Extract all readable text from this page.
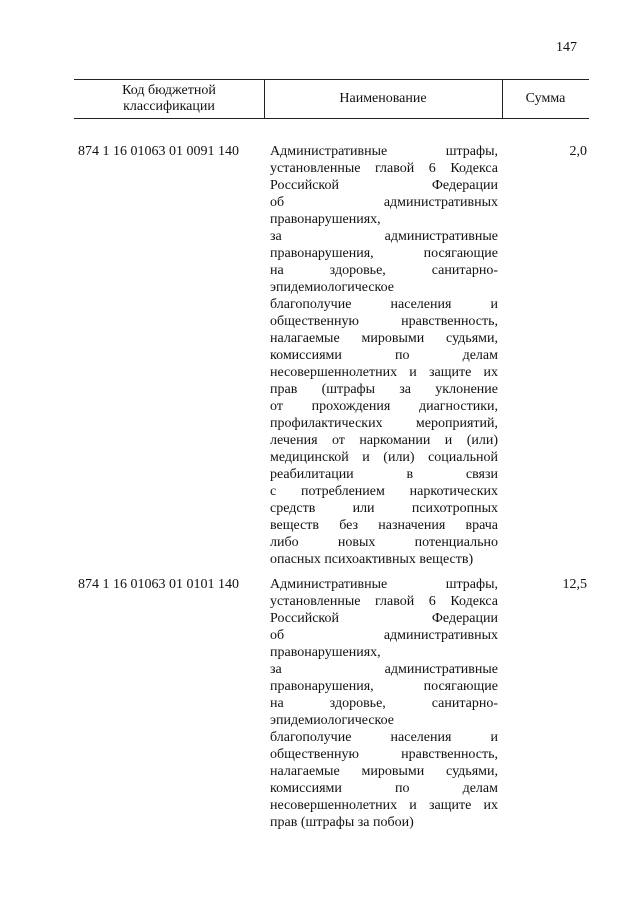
147
Код бюджетной
классификации
Наименование	Сумма
874 1 16 01063 01 0091 140 Административные штрафы,
установленные главой 6 Кодекса
Российской Федерации
об административных
правонарушениях,
за административные
правонарушения, посягающие
на здоровье, санитарно-
эпидемиологическое
благополучие населения и
общественную нравственность,
налагаемые мировыми судьями,
комиссиями по делам
несовершеннолетних и защите их
прав (штрафы за уклонение
от прохождения диагностики,
профилактических мероприятий,
лечения от наркомании и (или)
медицинской и (или) социальной
реабилитации в связи
с потреблением наркотических
средств или психотропных
веществ без назначения врача
либо новых потенциально
опасных психоактивных веществ)
2,0
874 1 16 01063 01 0101 140 Административные штрафы,
установленные главой 6 Кодекса
Российской Федерации
об административных
правонарушениях,
за административные
правонарушения, посягающие
на здоровье, санитарно-
эпидемиологическое
благополучие населения и
общественную нравственность,
налагаемые мировыми судьями,
комиссиями по делам
несовершеннолетних и защите их
прав (штрафы за побои)
12,5
